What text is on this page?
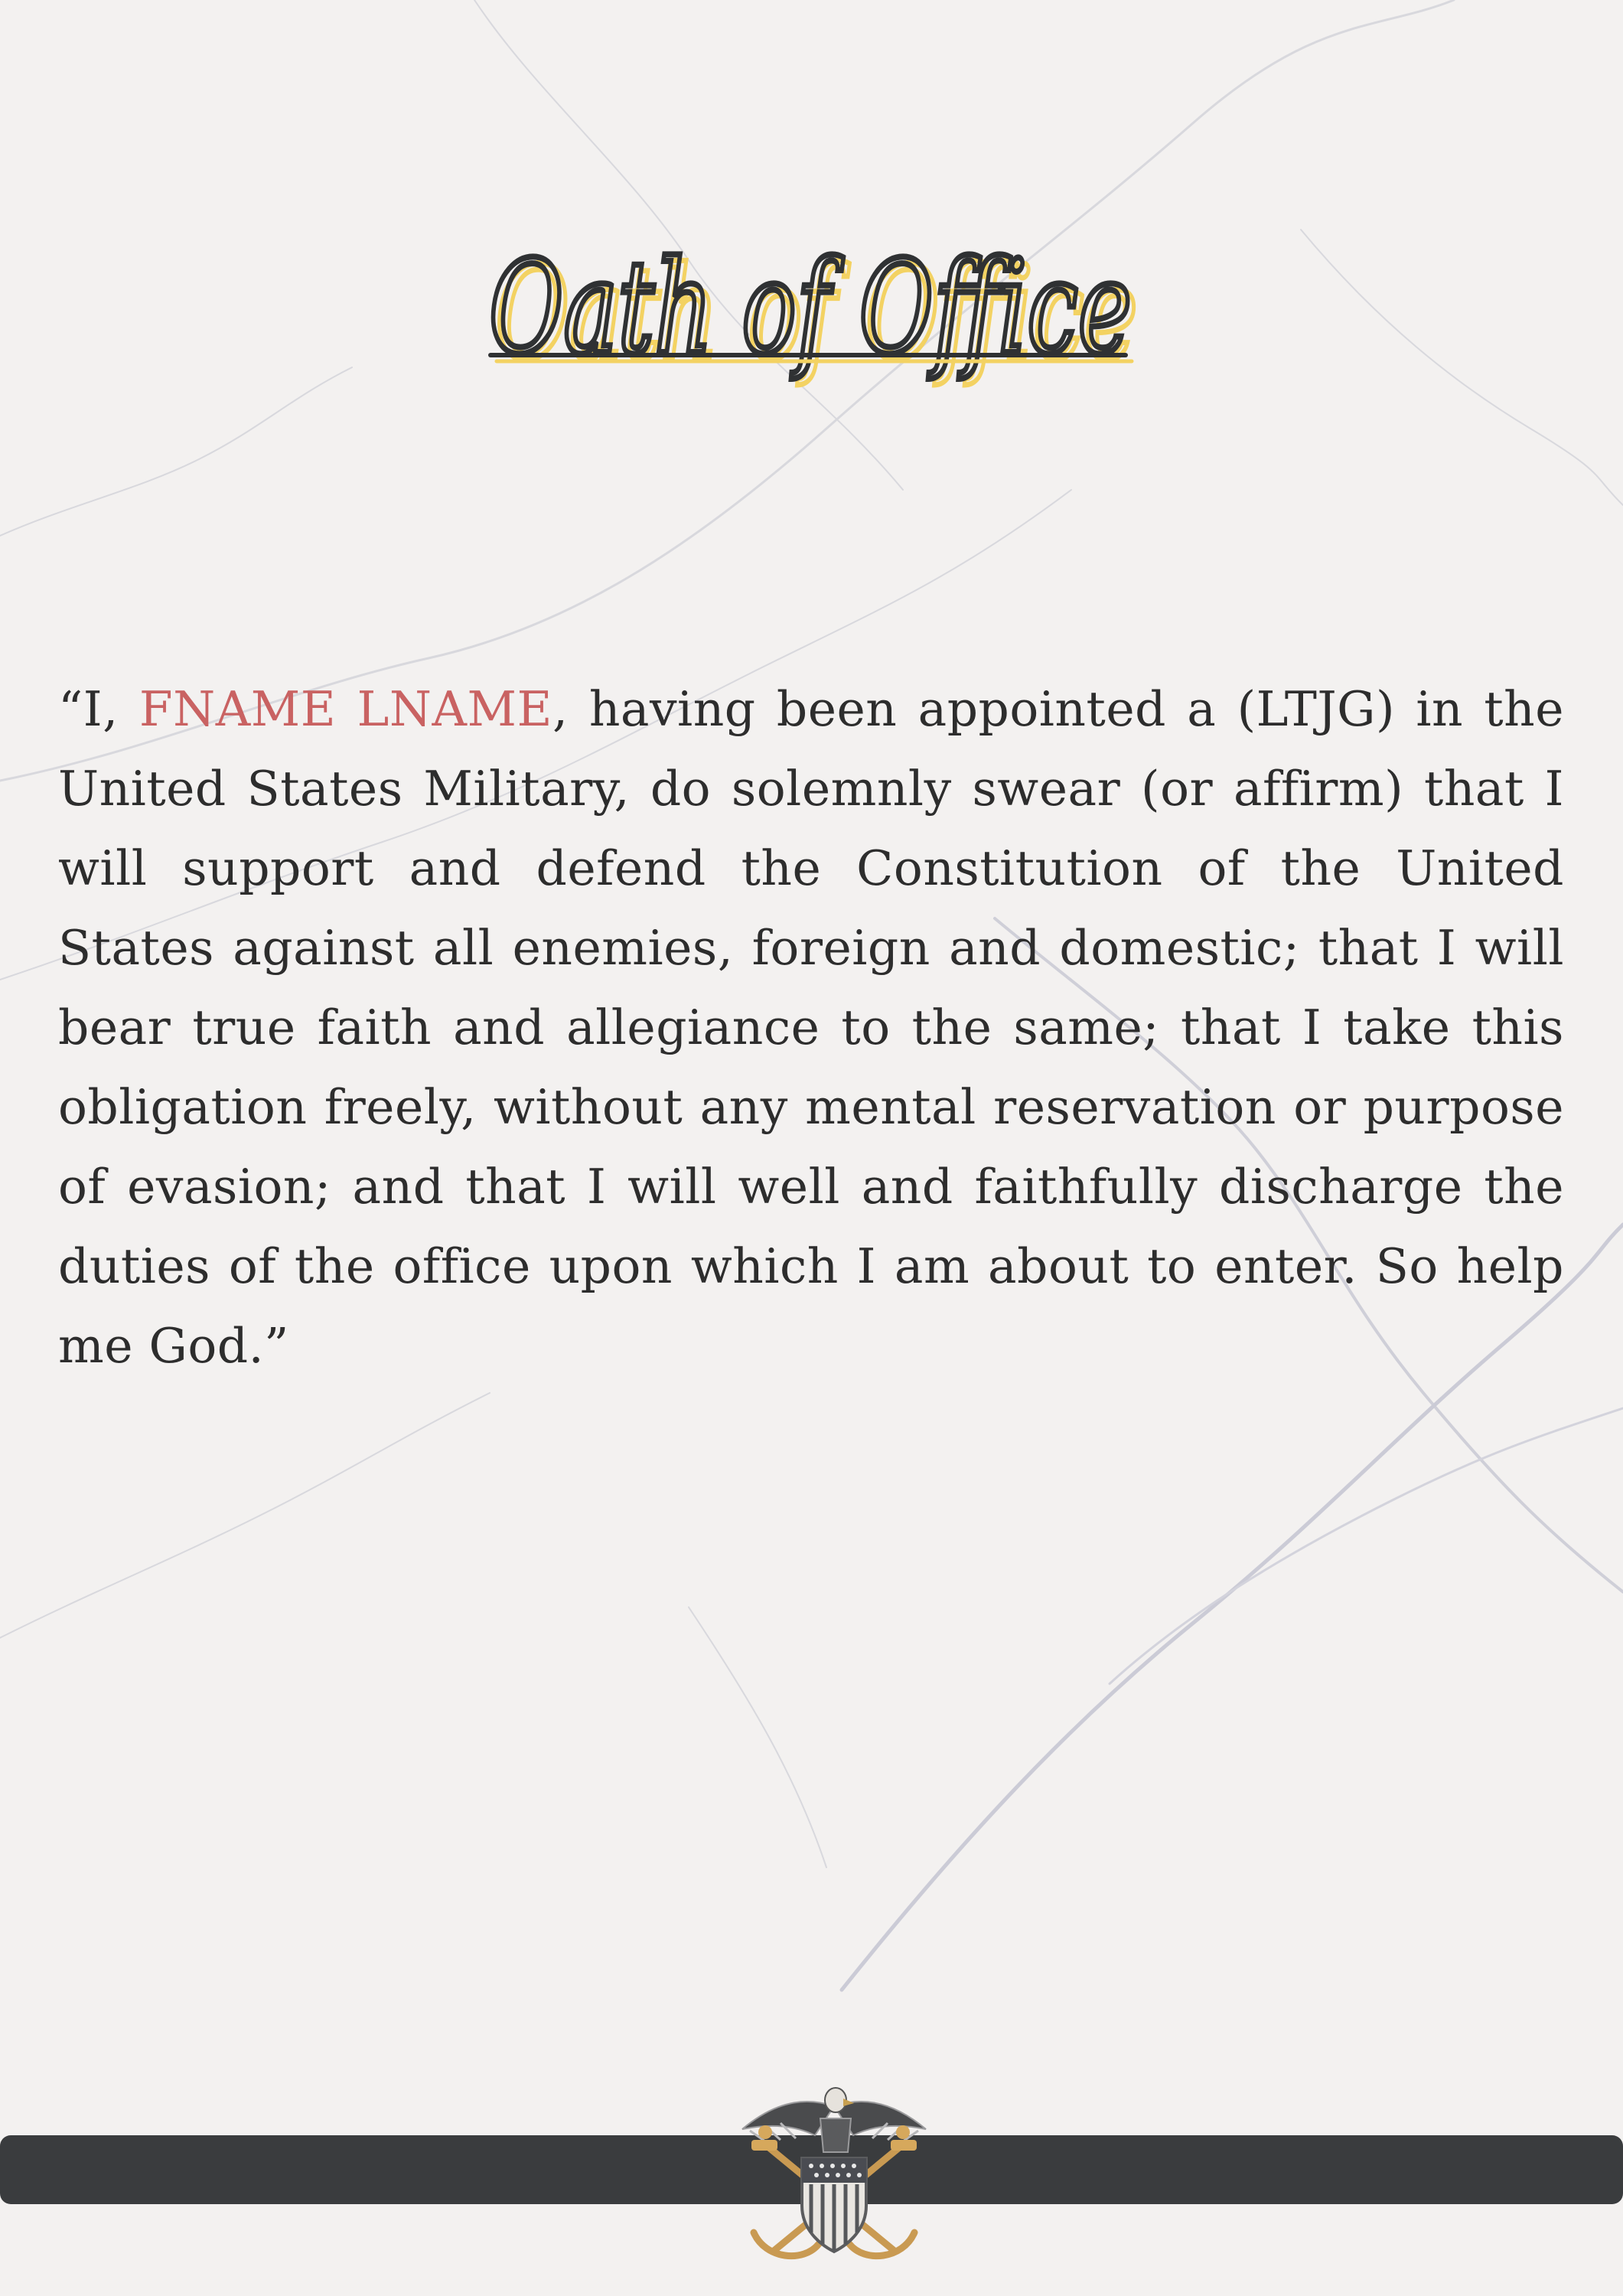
Oath of Office
Oath of Office

“I, FNAME LNAME, having been appointed a (LTJG) in the United States Military, do solemnly swear (or affirm) that I will support and defend the Constitution of the United States against all enemies, foreign and domestic; that I will bear true faith and allegiance to the same; that I take this obligation freely, without any mental reservation or purpose of evasion; and that I will well and faithfully discharge the duties of the office upon which I am about to enter. So help me God.”
